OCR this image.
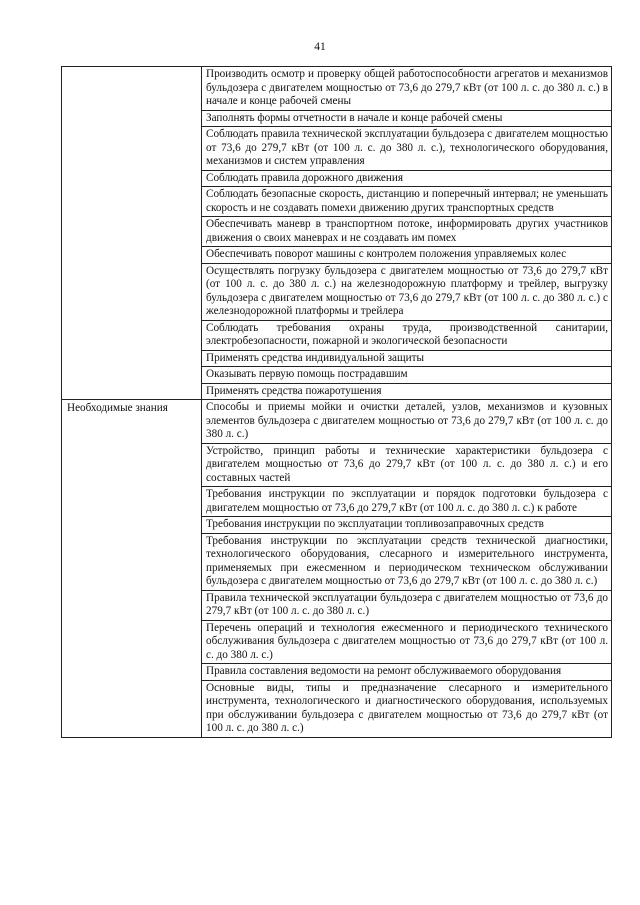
41
	Производить осмотр и проверку общей работоспособности агрегатов и механизмов бульдозера с двигателем мощностью от 73,6 до 279,7 кВт (от 100 л. с. до 380 л. с.) в начале и конце рабочей смены
	Заполнять формы отчетности в начале и конце рабочей смены
	Соблюдать правила технической эксплуатации бульдозера с двигателем мощностью от 73,6 до 279,7 кВт (от 100 л. с. до 380 л. с.), технологического оборудования, механизмов и систем управления
	Соблюдать правила дорожного движения
	Соблюдать безопасные скорость, дистанцию и поперечный интервал; не уменьшать скорость и не создавать помехи движению других транспортных средств
	Обеспечивать маневр в транспортном потоке, информировать других участников движения о своих маневрах и не создавать им помех
	Обеспечивать поворот машины с контролем положения управляемых колес
	Осуществлять погрузку бульдозера с двигателем мощностью от 73,6 до 279,7 кВт (от 100 л. с. до 380 л. с.) на железнодорожную платформу и трейлер, выгрузку бульдозера с двигателем мощностью от 73,6 до 279,7 кВт (от 100 л. с. до 380 л. с.) с железнодорожной платформы и трейлера
	Соблюдать требования охраны труда, производственной санитарии, электробезопасности, пожарной и экологической безопасности
	Применять средства индивидуальной защиты
	Оказывать первую помощь пострадавшим
	Применять средства пожаротушения
Необходимые знания	Способы и приемы мойки и очистки деталей, узлов, механизмов и кузовных элементов бульдозера с двигателем мощностью от 73,6 до 279,7 кВт (от 100 л. с. до 380 л. с.)
	Устройство, принцип работы и технические характеристики бульдозера с двигателем мощностью от 73,6 до 279,7 кВт (от 100 л. с. до 380 л. с.) и его составных частей
	Требования инструкции по эксплуатации и порядок подготовки бульдозера с двигателем мощностью от 73,6 до 279,7 кВт (от 100 л. с. до 380 л. с.) к работе
	Требования инструкции по эксплуатации топливозаправочных средств
	Требования инструкции по эксплуатации средств технической диагностики, технологического оборудования, слесарного и измерительного инструмента, применяемых при ежесменном и периодическом техническом обслуживании бульдозера с двигателем мощностью от 73,6 до 279,7 кВт (от 100 л. с. до 380 л. с.)
	Правила технической эксплуатации бульдозера с двигателем мощностью от 73,6 до 279,7 кВт (от 100 л. с. до 380 л. с.)
	Перечень операций и технология ежесменного и периодического технического обслуживания бульдозера с двигателем мощностью от 73,6 до 279,7 кВт (от 100 л. с. до 380 л. с.)
	Правила составления ведомости на ремонт обслуживаемого оборудования
	Основные виды, типы и предназначение слесарного и измерительного инструмента, технологического и диагностического оборудования, используемых при обслуживании бульдозера с двигателем мощностью от 73,6 до 279,7 кВт (от 100 л. с. до 380 л. с.)
